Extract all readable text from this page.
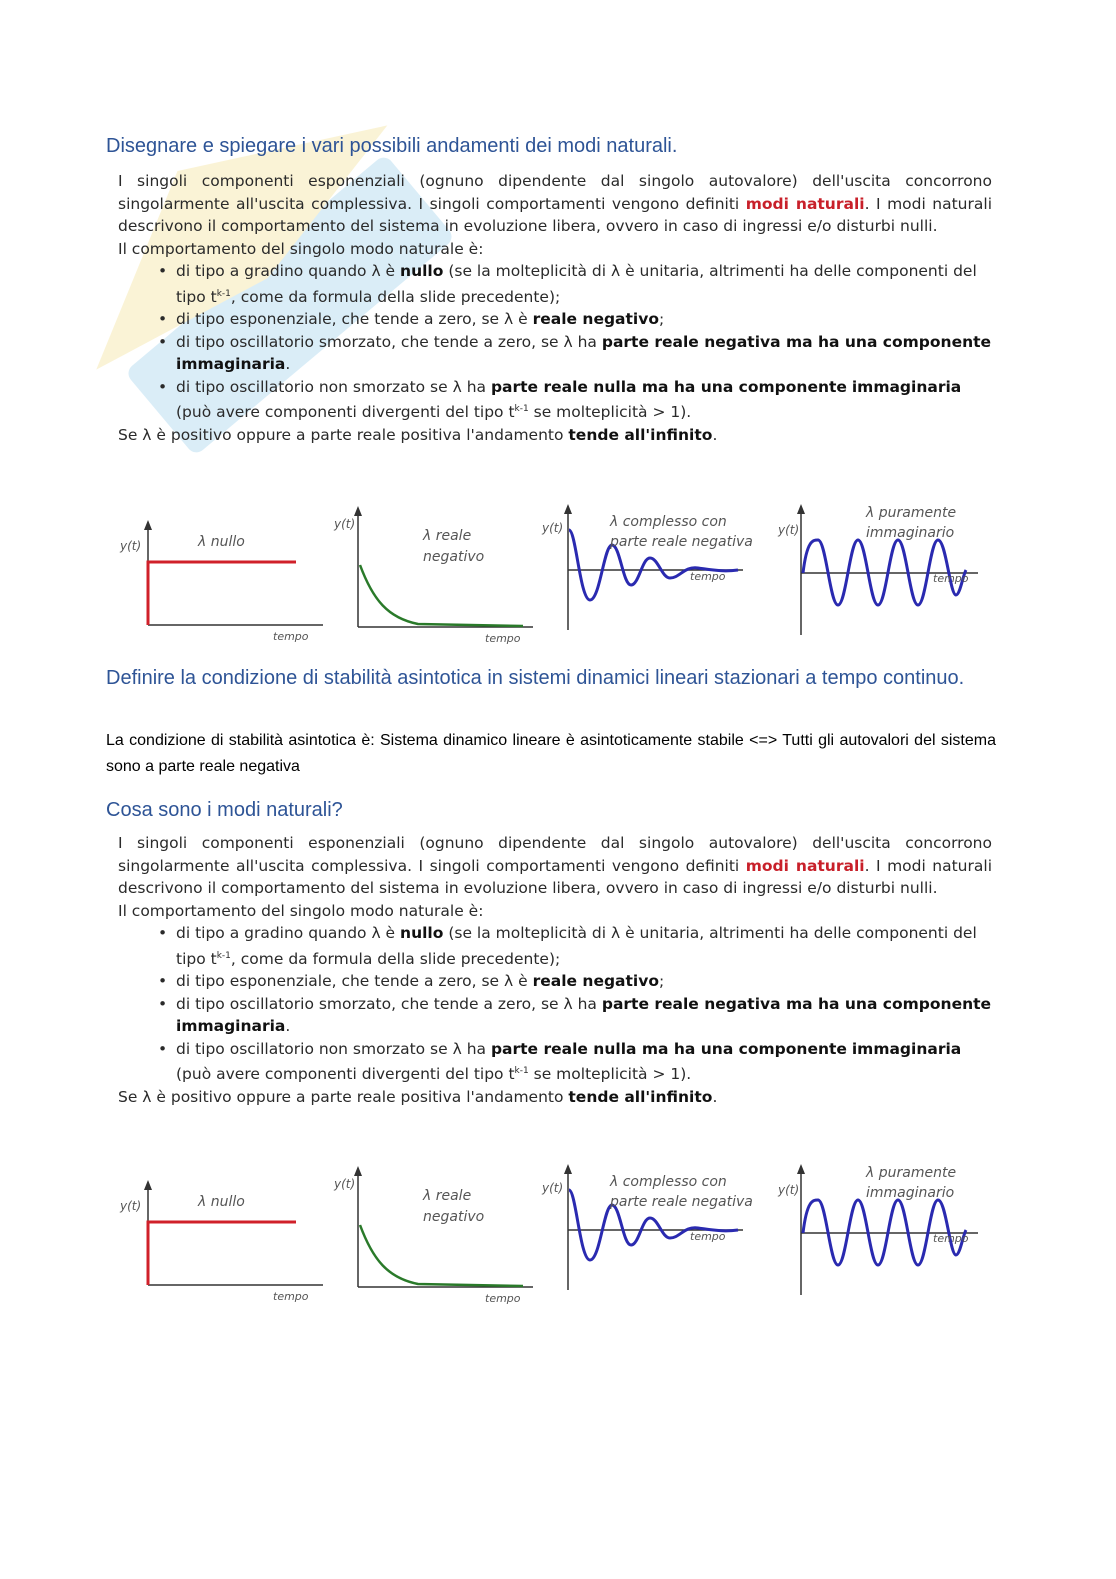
Disegnare e spiegare i vari possibili andamenti dei modi naturali.

I singoli componenti esponenziali (ognuno dipendente dal singolo autovalore) dell'uscita concorrono singolarmente all'uscita complessiva. I singoli comportamenti vengono definiti modi naturali. I modi naturali descrivono il comportamento del sistema in evoluzione libera, ovvero in caso di ingressi e/o disturbi nulli.

Il comportamento del singolo modo naturale è:

• di tipo a gradino quando λ è nullo (se la molteplicità di λ è unitaria, altrimenti ha delle componenti del tipo $t^{k-1}$, come da formula della slide precedente);
• di tipo esponenziale, che tende a zero, se λ è reale negativo;
• di tipo oscillatorio smorzato, che tende a zero, se λ ha parte reale negativa ma ha una componente immaginaria.
• di tipo oscillatorio non smorzato se λ ha parte reale nulla ma ha una componente immaginaria (può avere componenti divergenti del tipo $t^{k-1}$ se molteplicità > 1).

Se λ è positivo oppure a parte reale positiva l'andamento tende all'infinito.

y(t)	λ nullo
tempo
y(t)
λ reale
negativo
tempo
y(t)	λ complesso con
parte reale negativa
tempo
y(t)
λ puramente
immaginario
tempo
Definire la condizione di stabilità asintotica in sistemi dinamici lineari stazionari a tempo continuo.

La condizione di stabilità asintotica è: Sistema dinamico lineare è asintoticamente stabile <=> Tutti gli autovalori del sistema sono a parte reale negativa

Cosa sono i modi naturali?

I singoli componenti esponenziali (ognuno dipendente dal singolo autovalore) dell'uscita concorrono singolarmente all'uscita complessiva. I singoli comportamenti vengono definiti modi naturali. I modi naturali descrivono il comportamento del sistema in evoluzione libera, ovvero in caso di ingressi e/o disturbi nulli.

Il comportamento del singolo modo naturale è:

• di tipo a gradino quando λ è nullo (se la molteplicità di λ è unitaria, altrimenti ha delle componenti del tipo $t^{k-1}$, come da formula della slide precedente);
• di tipo esponenziale, che tende a zero, se λ è reale negativo;
• di tipo oscillatorio smorzato, che tende a zero, se λ ha parte reale negativa ma ha una componente immaginaria.
• di tipo oscillatorio non smorzato se λ ha parte reale nulla ma ha una componente immaginaria (può avere componenti divergenti del tipo $t^{k-1}$ se molteplicità > 1).

Se λ è positivo oppure a parte reale positiva l'andamento tende all'infinito.

y(t)	λ nullo
tempo
y(t)
λ reale
negativo
tempo
y(t)	λ complesso con
parte reale negativa
tempo
y(t)
λ puramente
immaginario
tempo
